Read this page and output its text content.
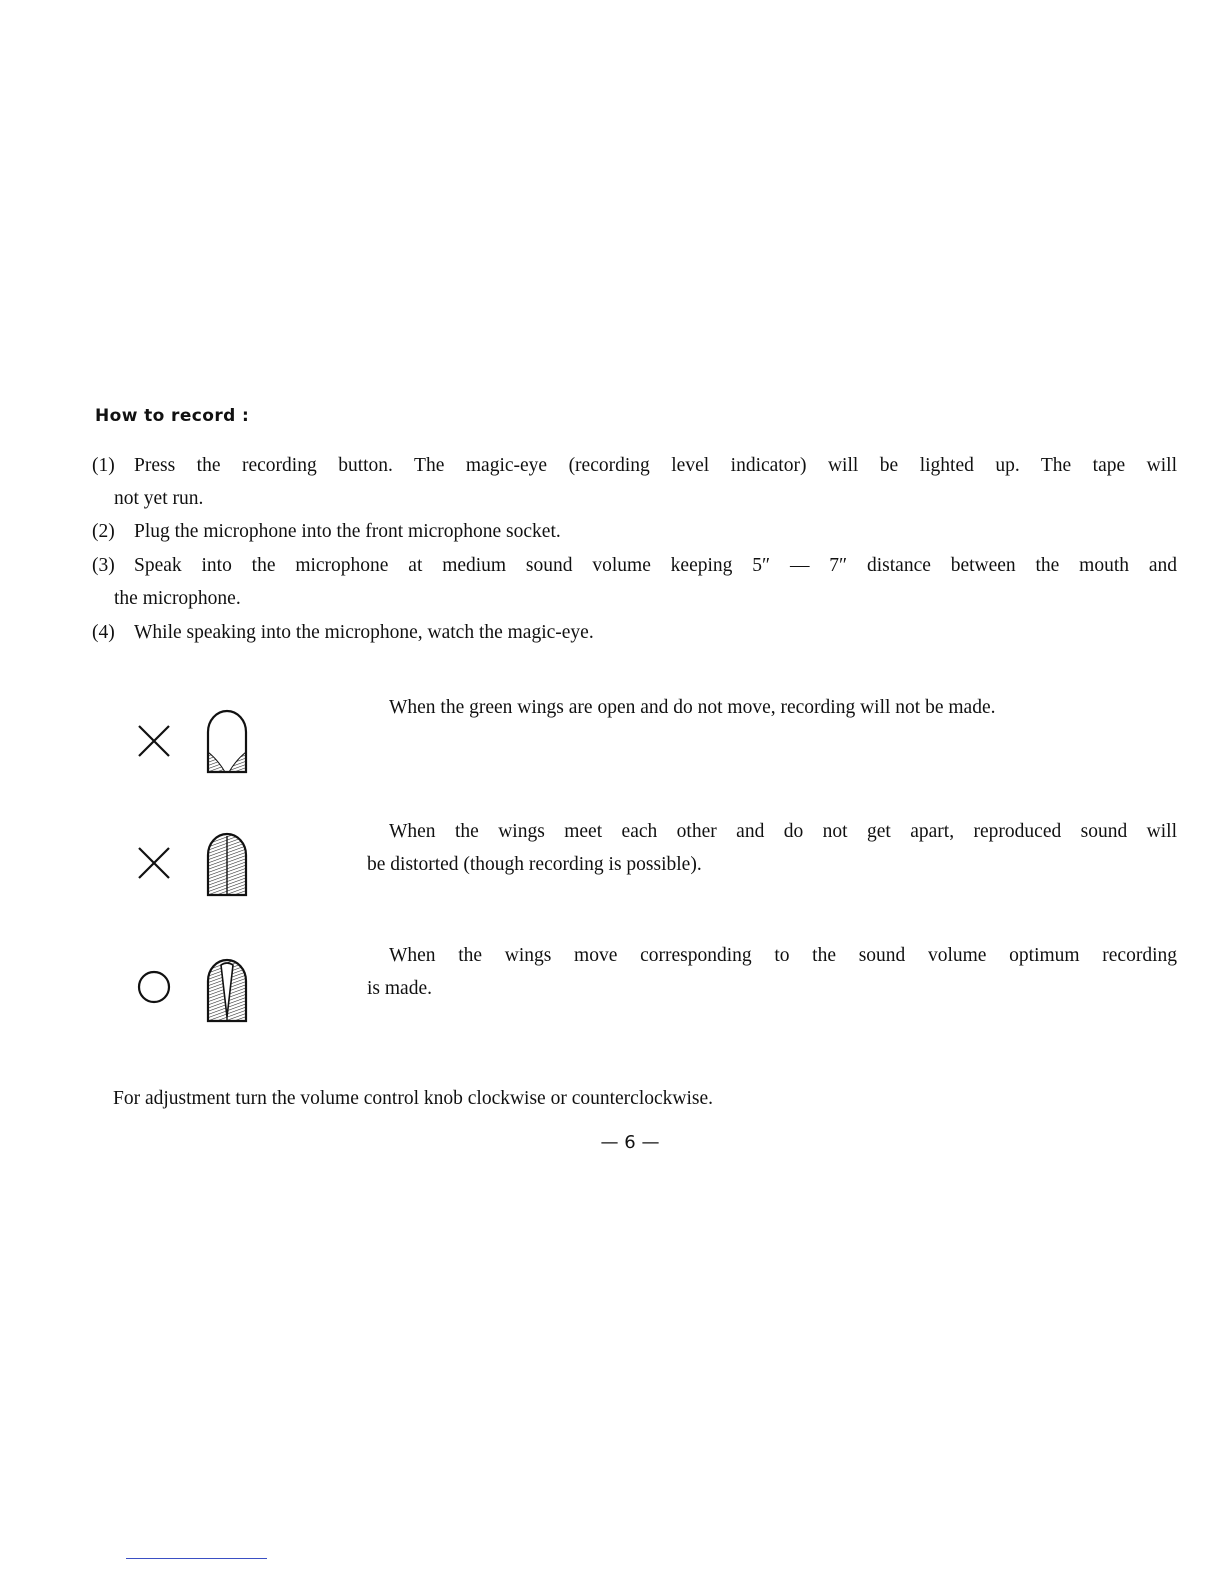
How to record :
(1) Press the recording button. The magic-eye (recording level indicator) will be lighted up. The tape will
not yet run.
(2) Plug the microphone into the front microphone socket.
(3) Speak into the microphone at medium sound volume keeping 5″ — 7″ distance between the mouth and
the microphone.
(4) While speaking into the microphone, watch the magic-eye.
When the green wings are open and do not move, recording will not be made.
When the wings meet each other and do not get apart, reproduced sound will
be distorted (though recording is possible).
When the wings move corresponding to the sound volume optimum recording
is made.
For adjustment turn the volume control knob clockwise or counterclockwise.
— 6 —
